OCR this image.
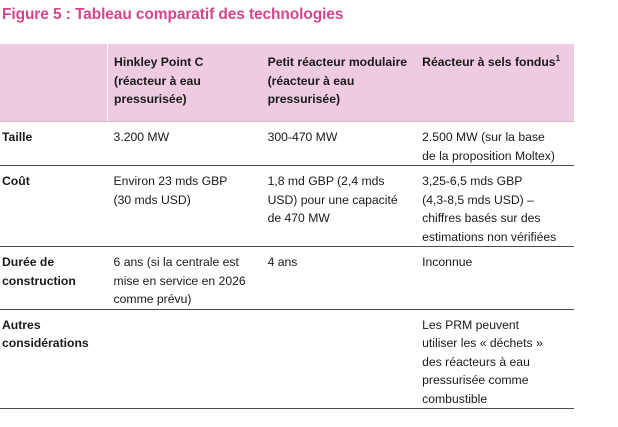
Figure 5 : Tableau comparatif des technologies

	Hinkley Point C
(réacteur à eau
pressurisée)	Petit réacteur modulaire
(réacteur à eau
pressurisée)	Réacteur à sels fondus$^1$

Taille	3.200 MW	300-470 MW	2.500 MW (sur la base
de la proposition Moltex)

Coût	Environ 23 mds GBP
(30 mds USD)	1,8 md GBP (2,4 mds
USD) pour une capacité
de 470 MW	3,25-6,5 mds GBP
(4,3-8,5 mds USD) –
chiffres basés sur des
estimations non vérifiées

Durée de
construction	6 ans (si la centrale est
mise en service en 2026
comme prévu)	4 ans	Inconnue

Autres
considérations			Les PRM peuvent
utiliser les « déchets »
des réacteurs à eau
pressurisée comme
combustible
